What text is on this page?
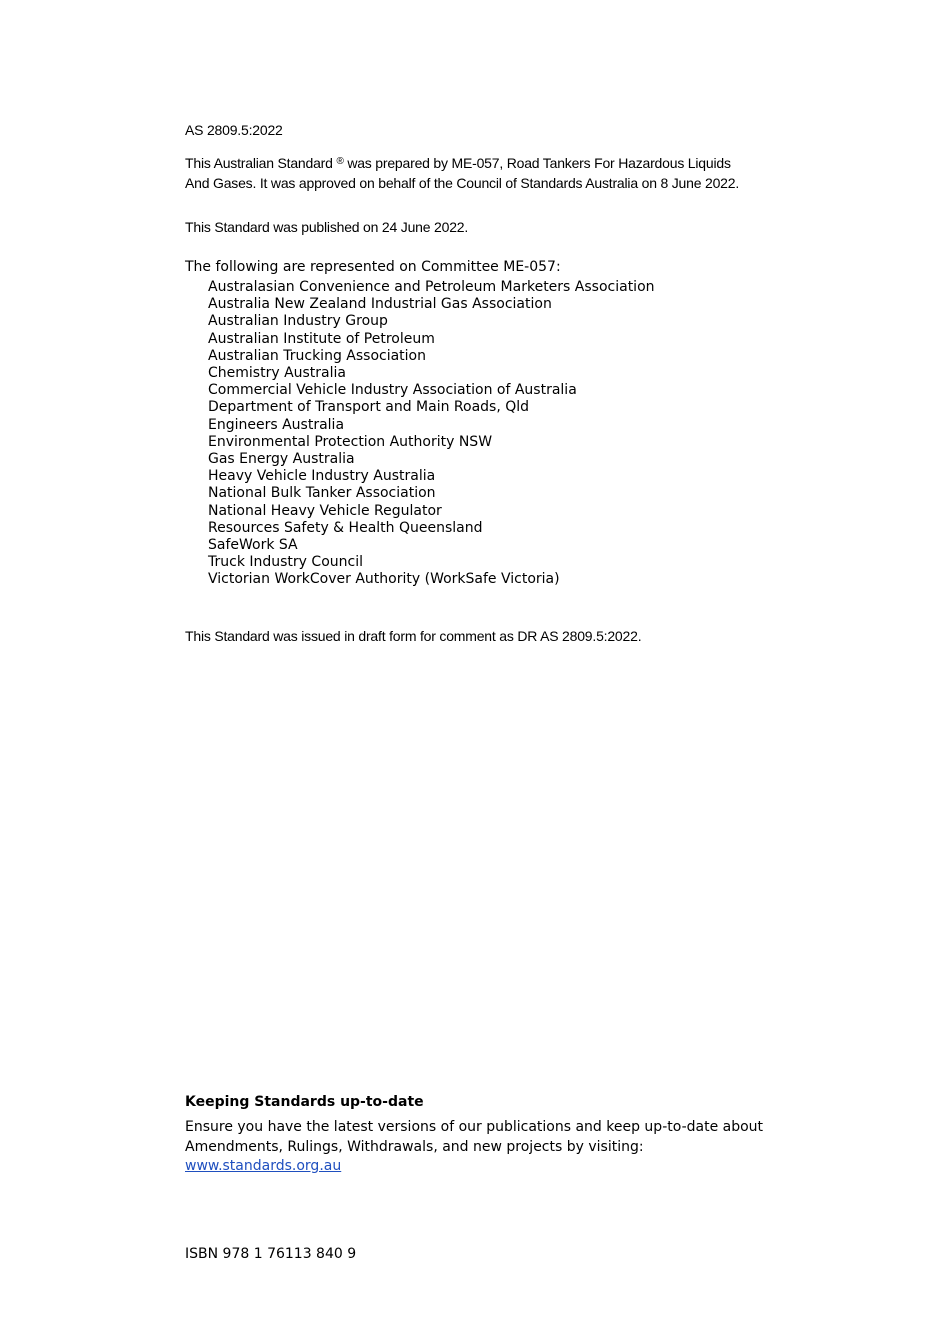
AS 2809.5:2022

This Australian Standard ® was prepared by ME-057, Road Tankers For Hazardous Liquids And Gases. It was approved on behalf of the Council of Standards Australia on 8 June 2022.

This Standard was published on 24 June 2022.

The following are represented on Committee ME-057:

Australasian Convenience and Petroleum Marketers Association
Australia New Zealand Industrial Gas Association
Australian Industry Group
Australian Institute of Petroleum
Australian Trucking Association
Chemistry Australia
Commercial Vehicle Industry Association of Australia
Department of Transport and Main Roads, Qld
Engineers Australia
Environmental Protection Authority NSW
Gas Energy Australia
Heavy Vehicle Industry Australia
National Bulk Tanker Association
National Heavy Vehicle Regulator
Resources Safety & Health Queensland
SafeWork SA
Truck Industry Council
Victorian WorkCover Authority (WorkSafe Victoria)

This Standard was issued in draft form for comment as DR AS 2809.5:2022.

Keeping Standards up-to-date

Ensure you have the latest versions of our publications and keep up-to-date about Amendments, Rulings, Withdrawals, and new projects by visiting:
www.standards.org.au

ISBN 978 1 76113 840 9
